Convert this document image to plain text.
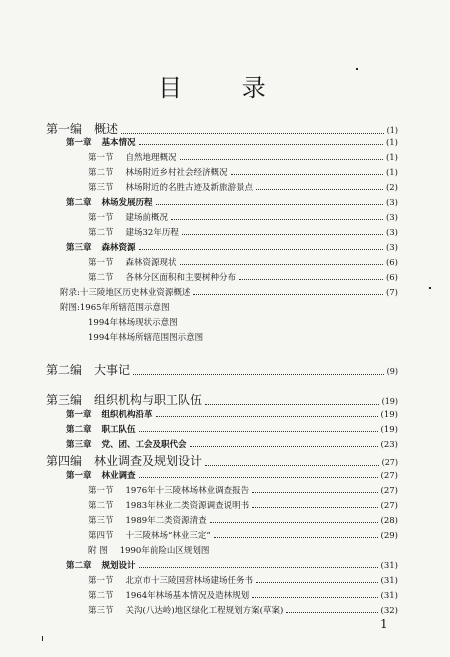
目 录
第一编 概述	(1)
第一章 基本情况	(1)
第一节 自然地理概况	(1)
第二节 林场附近乡村社会经济概况	(1)
第三节 林场附近的名胜古迹及新旅游景点	(2)
第二章 林场发展历程	(3)
第一节 建场前概况	(3)
第二节 建场32年历程	(3)
第三章 森林资源	(3)
第一节 森林资源现状	(6)
第二节 各林分区面积和主要树种分布	(6)
附录: 十三陵地区历史林业资源概述	(7)
附图: 1965年所辖范围示意图
1994年林场现状示意图
1994年林场所辖范围图示意图
第二编 大事记	(9)
第三编 组织机构与职工队伍	(19)
第一章 组织机构沿革	(19)
第二章 职工队伍	(19)
第三章 党、团、工会及职代会	(23)
第四编 林业调查及规划设计	(27)
第一章 林业调查	(27)
第一节 1976年十三陵林场林业调查报告	(27)
第二节 1983年林业二类资源调查说明书	(27)
第三节 1989年二类资源清查	(28)
第四节 十三陵林场“林业三定”	(29)
附 图 1990年前险山区规划图
第二章 规划设计	(31)
第一节 北京市十三陵国营林场建场任务书	(31)
第二节 1964年林场基本情况及造林规划	(31)
第三节 关沟(八达岭)地区绿化工程规划方案(草案)	(32)
1
